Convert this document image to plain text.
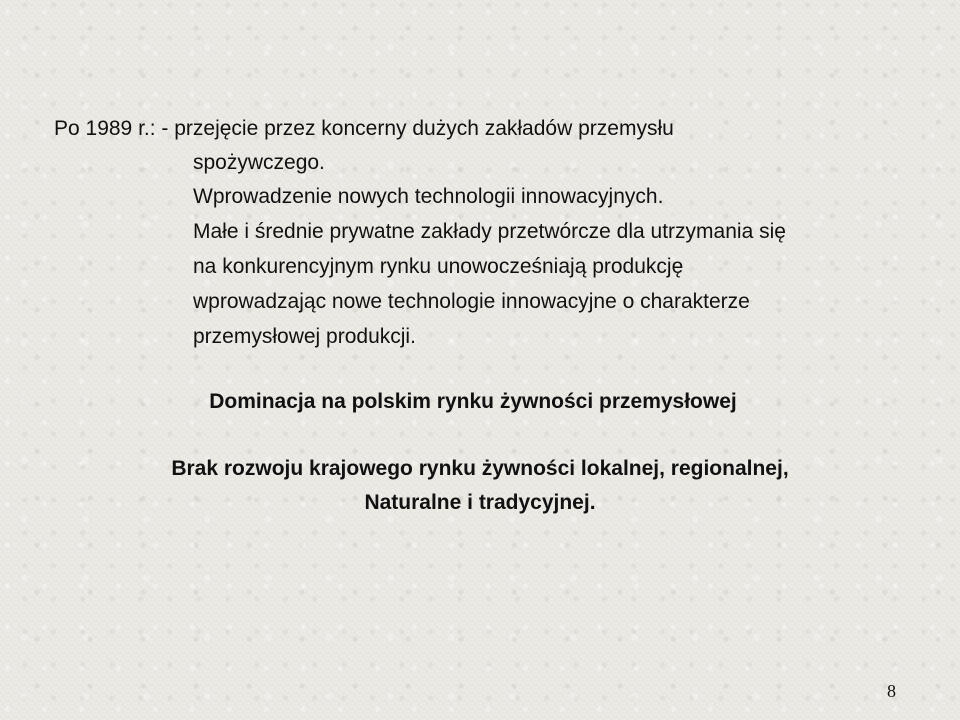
Po 1989 r.: - przejęcie przez koncerny dużych zakładów przemysłu
spożywczego.
Wprowadzenie nowych technologii innowacyjnych.
Małe i średnie prywatne zakłady przetwórcze dla utrzymania się
na konkurencyjnym rynku unowocześniają produkcję
wprowadzając nowe technologie innowacyjne o charakterze
przemysłowej produkcji.
Dominacja na polskim rynku żywności przemysłowej
Brak rozwoju krajowego rynku żywności lokalnej, regionalnej,
Naturalne i tradycyjnej.
8
